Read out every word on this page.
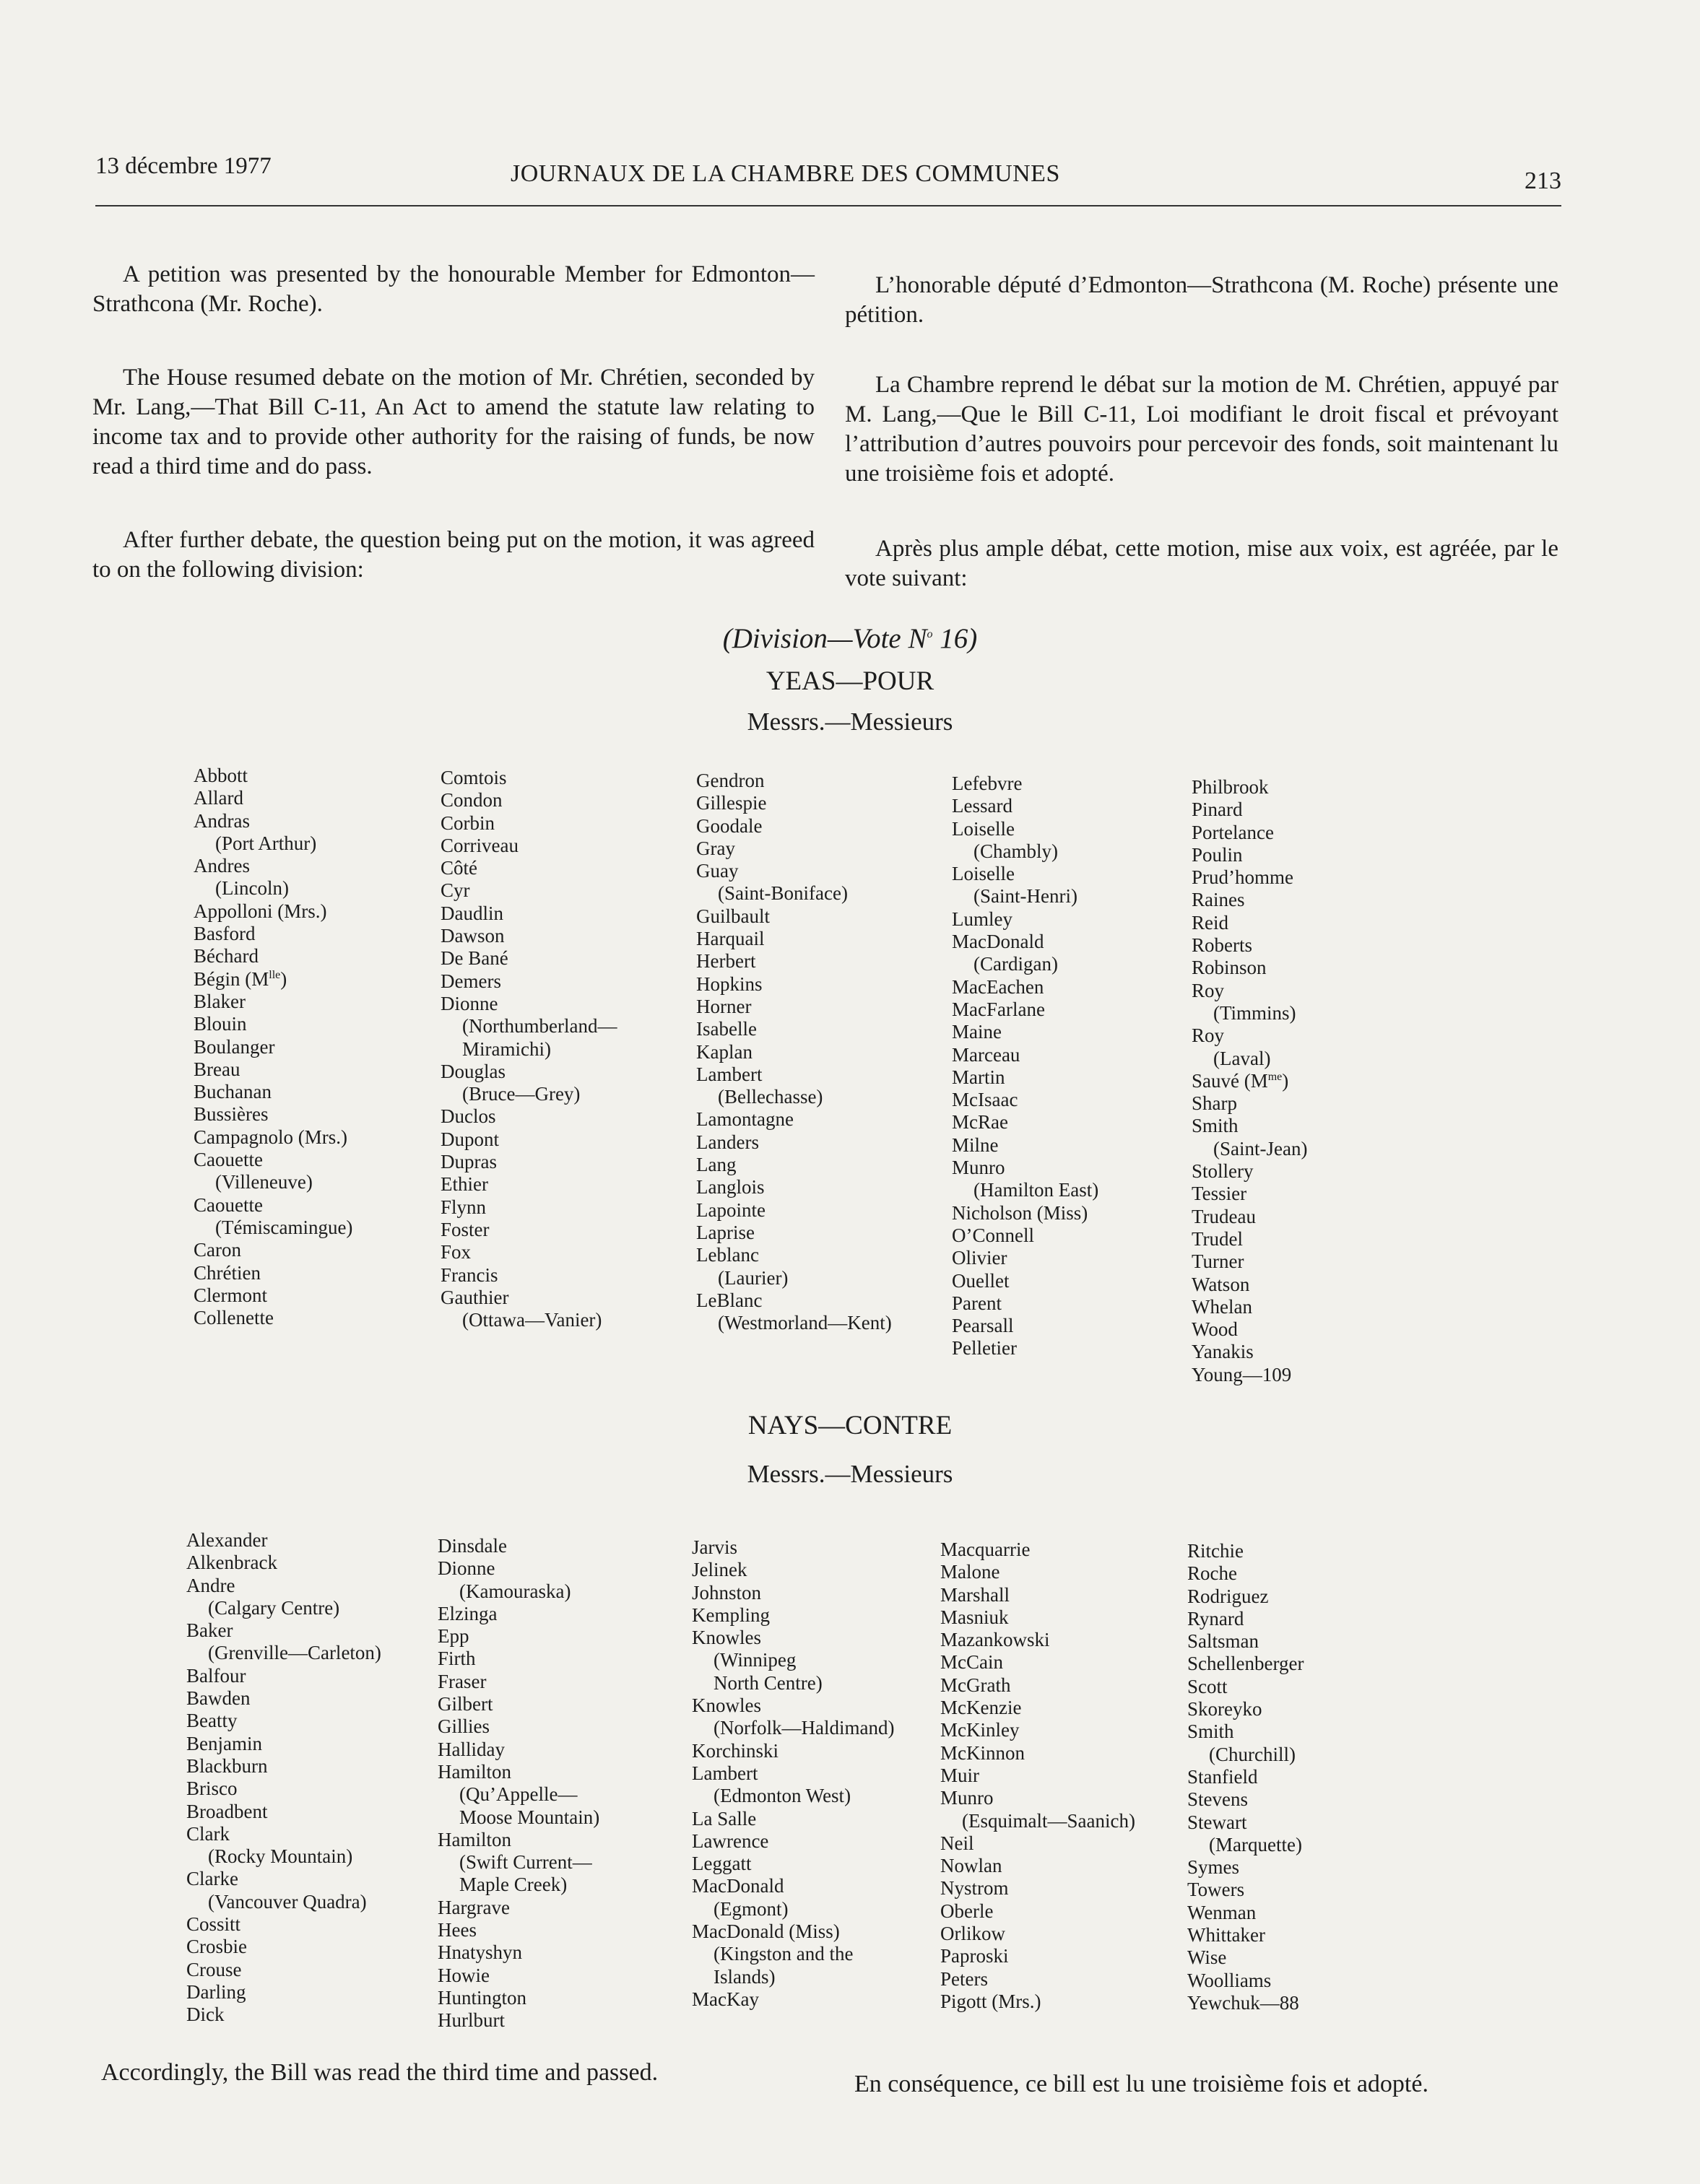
13 décembre 1977	JOURNAUX DE LA CHAMBRE DES COMMUNES	213

A petition was presented by the honourable Member for Edmonton—Strathcona (Mr. Roche).

The House resumed debate on the motion of Mr. Chrétien, seconded by Mr. Lang,—That Bill C-11, An Act to amend the statute law relating to income tax and to provide other authority for the raising of funds, be now read a third time and do pass.

After further debate, the question being put on the motion, it was agreed to on the following division:

L’honorable député d’Edmonton—Strathcona (M. Roche) présente une pétition.

La Chambre reprend le débat sur la motion de M. Chrétien, appuyé par M. Lang,—Que le Bill C-11, Loi modifiant le droit fiscal et prévoyant l’attribution d’autres pouvoirs pour percevoir des fonds, soit maintenant lu une troisième fois et adopté.

Après plus ample débat, cette motion, mise aux voix, est agréée, par le vote suivant:

(Division—Vote $N^o$ 16)
YEAS—POUR
Messrs.—Messieurs
Abbott
Allard
Andras
(Port Arthur)
Andres
(Lincoln)
Appolloni (Mrs.)
Basford
Béchard
Bégin $(M^{lle})$
Blaker
Blouin
Boulanger
Breau
Buchanan
Bussières
Campagnolo (Mrs.)
Caouette
(Villeneuve)
Caouette
(Témiscamingue)
Caron
Chrétien
Clermont
Collenette
Comtois
Condon
Corbin
Corriveau
Côté
Cyr
Daudlin
Dawson
De Bané
Demers
Dionne
(Northumberland—
Miramichi)
Douglas
(Bruce—Grey)
Duclos
Dupont
Dupras
Ethier
Flynn
Foster
Fox
Francis
Gauthier
(Ottawa—Vanier)
Gendron
Gillespie
Goodale
Gray
Guay
(Saint-Boniface)
Guilbault
Harquail
Herbert
Hopkins
Horner
Isabelle
Kaplan
Lambert
(Bellechasse)
Lamontagne
Landers
Lang
Langlois
Lapointe
Laprise
Leblanc
(Laurier)
LeBlanc
(Westmorland—Kent)
Lefebvre
Lessard
Loiselle
(Chambly)
Loiselle
(Saint-Henri)
Lumley
MacDonald
(Cardigan)
MacEachen
MacFarlane
Maine
Marceau
Martin
McIsaac
McRae
Milne
Munro
(Hamilton East)
Nicholson (Miss)
O’Connell
Olivier
Ouellet
Parent
Pearsall
Pelletier
Philbrook
Pinard
Portelance
Poulin
Prud’homme
Raines
Reid
Roberts
Robinson
Roy
(Timmins)
Roy
(Laval)
Sauvé $(M^{me})$
Sharp
Smith
(Saint-Jean)
Stollery
Tessier
Trudeau
Trudel
Turner
Watson
Whelan
Wood
Yanakis
Young—109
NAYS—CONTRE
Messrs.—Messieurs
Alexander
Alkenbrack
Andre
(Calgary Centre)
Baker
(Grenville—Carleton)
Balfour
Bawden
Beatty
Benjamin
Blackburn
Brisco
Broadbent
Clark
(Rocky Mountain)
Clarke
(Vancouver Quadra)
Cossitt
Crosbie
Crouse
Darling
Dick
Dinsdale
Dionne
(Kamouraska)
Elzinga
Epp
Firth
Fraser
Gilbert
Gillies
Halliday
Hamilton
(Qu’Appelle—
Moose Mountain)
Hamilton
(Swift Current—
Maple Creek)
Hargrave
Hees
Hnatyshyn
Howie
Huntington
Hurlburt
Jarvis
Jelinek
Johnston
Kempling
Knowles
(Winnipeg
North Centre)
Knowles
(Norfolk—Haldimand)
Korchinski
Lambert
(Edmonton West)
La Salle
Lawrence
Leggatt
MacDonald
(Egmont)
MacDonald (Miss)
(Kingston and the
Islands)
MacKay
Macquarrie
Malone
Marshall
Masniuk
Mazankowski
McCain
McGrath
McKenzie
McKinley
McKinnon
Muir
Munro
(Esquimalt—Saanich)
Neil
Nowlan
Nystrom
Oberle
Orlikow
Paproski
Peters
Pigott (Mrs.)
Ritchie
Roche
Rodriguez
Rynard
Saltsman
Schellenberger
Scott
Skoreyko
Smith
(Churchill)
Stanfield
Stevens
Stewart
(Marquette)
Symes
Towers
Wenman
Whittaker
Wise
Woolliams
Yewchuk—88
Accordingly, the Bill was read the third time and passed.	En conséquence, ce bill est lu une troisième fois et adopté.
